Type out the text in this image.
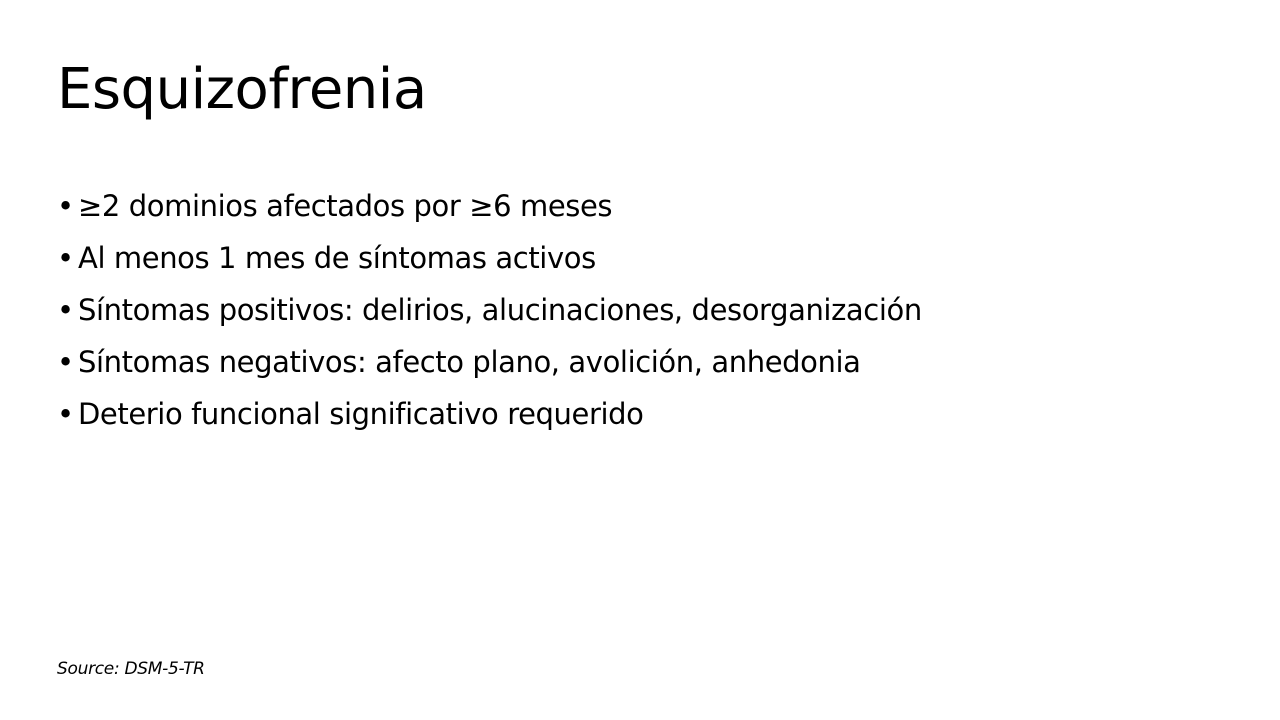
Esquizofrenia
• ≥2 dominios afectados por ≥6 meses
• Al menos 1 mes de síntomas activos
• Síntomas positivos: delirios, alucinaciones, desorganización
• Síntomas negativos: afecto plano, avolición, anhedonia
• Deterio funcional significativo requerido

Source: DSM-5-TR
